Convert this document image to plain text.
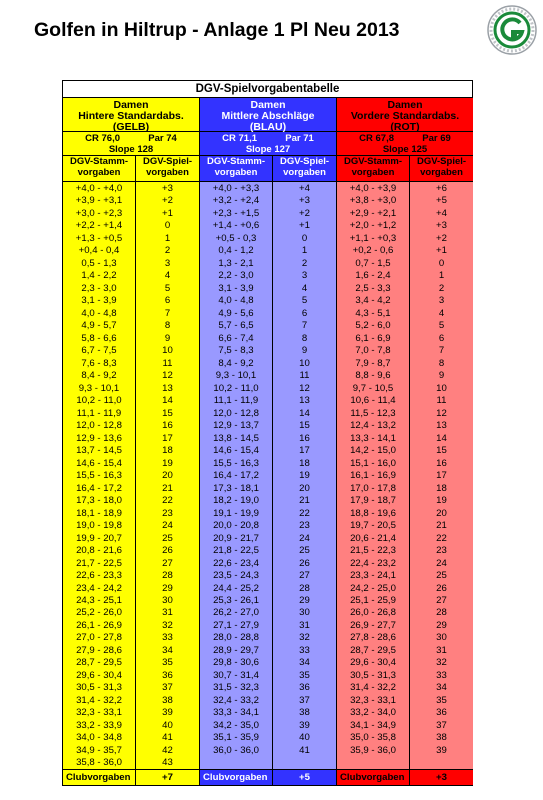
Golfen in Hiltrup - Anlage 1 Pl Neu 2013
DGV-Spielvorgabentabelle
Damen
Hintere Standardabs.
(GELB)
CR 76,0	Par 74
Slope 128
DGV-Stamm-vorgaben
DGV-Spiel-vorgaben
+4,0 - +4,0	+3
+3,9 - +3,1	+2
+3,0 - +2,3	+1
+2,2 - +1,4	0
+1,3 - +0,5	1
+0,4 - 0,4	2
0,5 - 1,3	3
1,4 - 2,2	4
2,3 - 3,0	5
3,1 - 3,9	6
4,0 - 4,8	7
4,9 - 5,7	8
5,8 - 6,6	9
6,7 - 7,5	10
7,6 - 8,3	11
8,4 - 9,2	12
9,3 - 10,1	13
10,2 - 11,0	14
11,1 - 11,9	15
12,0 - 12,8	16
12,9 - 13,6	17
13,7 - 14,5	18
14,6 - 15,4	19
15,5 - 16,3	20
16,4 - 17,2	21
17,3 - 18,0	22
18,1 - 18,9	23
19,0 - 19,8	24
19,9 - 20,7	25
20,8 - 21,6	26
21,7 - 22,5	27
22,6 - 23,3	28
23,4 - 24,2	29
24,3 - 25,1	30
25,2 - 26,0	31
26,1 - 26,9	32
27,0 - 27,8	33
27,9 - 28,6	34
28,7 - 29,5	35
29,6 - 30,4	36
30,5 - 31,3	37
31,4 - 32,2	38
32,3 - 33,1	39
33,2 - 33,9	40
34,0 - 34,8	41
34,9 - 35,7	42
35,8 - 36,0	43
Clubvorgaben	+7
Damen
Mittlere Abschläge
(BLAU)
CR 71,1	Par 71
Slope 127
DGV-Stamm-vorgaben
DGV-Spiel-vorgaben
+4,0 - +3,3	+4
+3,2 - +2,4	+3
+2,3 - +1,5	+2
+1,4 - +0,6	+1
+0,5 - 0,3	0
0,4 - 1,2	1
1,3 - 2,1	2
2,2 - 3,0	3
3,1 - 3,9	4
4,0 - 4,8	5
4,9 - 5,6	6
5,7 - 6,5	7
6,6 - 7,4	8
7,5 - 8,3	9
8,4 - 9,2	10
9,3 - 10,1	11
10,2 - 11,0	12
11,1 - 11,9	13
12,0 - 12,8	14
12,9 - 13,7	15
13,8 - 14,5	16
14,6 - 15,4	17
15,5 - 16,3	18
16,4 - 17,2	19
17,3 - 18,1	20
18,2 - 19,0	21
19,1 - 19,9	22
20,0 - 20,8	23
20,9 - 21,7	24
21,8 - 22,5	25
22,6 - 23,4	26
23,5 - 24,3	27
24,4 - 25,2	28
25,3 - 26,1	29
26,2 - 27,0	30
27,1 - 27,9	31
28,0 - 28,8	32
28,9 - 29,7	33
29,8 - 30,6	34
30,7 - 31,4	35
31,5 - 32,3	36
32,4 - 33,2	37
33,3 - 34,1	38
34,2 - 35,0	39
35,1 - 35,9	40
36,0 - 36,0	41
Clubvorgaben	+5
Damen
Vordere Standardabs.
(ROT)
CR 67,8	Par 69
Slope 125
DGV-Stamm-vorgaben
DGV-Spiel-vorgaben
+4,0 - +3,9	+6
+3,8 - +3,0	+5
+2,9 - +2,1	+4
+2,0 - +1,2	+3
+1,1 - +0,3	+2
+0,2 - 0,6	+1
0,7 - 1,5	0
1,6 - 2,4	1
2,5 - 3,3	2
3,4 - 4,2	3
4,3 - 5,1	4
5,2 - 6,0	5
6,1 - 6,9	6
7,0 - 7,8	7
7,9 - 8,7	8
8,8 - 9,6	9
9,7 - 10,5	10
10,6 - 11,4	11
11,5 - 12,3	12
12,4 - 13,2	13
13,3 - 14,1	14
14,2 - 15,0	15
15,1 - 16,0	16
16,1 - 16,9	17
17,0 - 17,8	18
17,9 - 18,7	19
18,8 - 19,6	20
19,7 - 20,5	21
20,6 - 21,4	22
21,5 - 22,3	23
22,4 - 23,2	24
23,3 - 24,1	25
24,2 - 25,0	26
25,1 - 25,9	27
26,0 - 26,8	28
26,9 - 27,7	29
27,8 - 28,6	30
28,7 - 29,5	31
29,6 - 30,4	32
30,5 - 31,3	33
31,4 - 32,2	34
32,3 - 33,1	35
33,2 - 34,0	36
34,1 - 34,9	37
35,0 - 35,8	38
35,9 - 36,0	39
Clubvorgaben	+3
